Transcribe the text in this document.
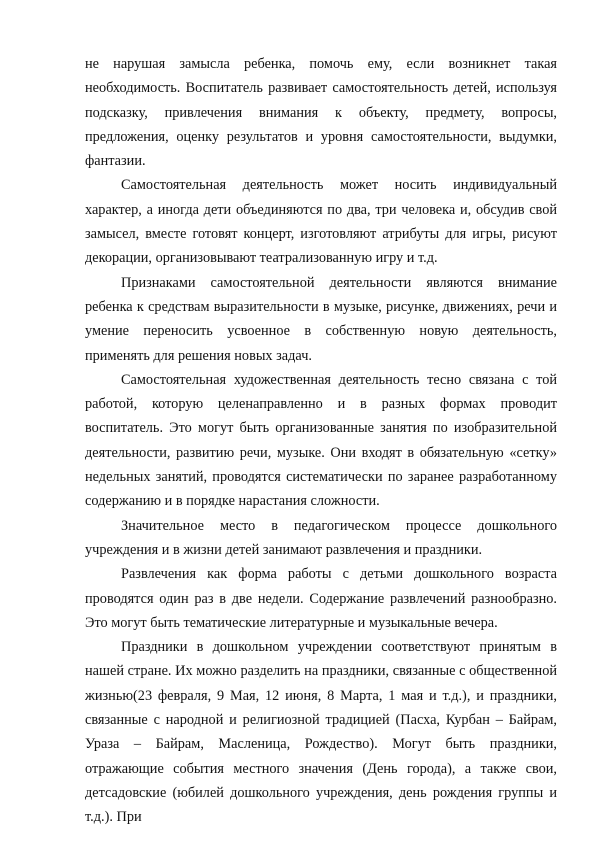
не нарушая замысла ребенка, помочь ему, если возникнет такая необходимость. Воспитатель развивает самостоятельность детей, используя подсказку, привлечения внимания к объекту, предмету, вопросы, предложения, оценку результатов и уровня самостоятельности, выдумки, фантазии.

Самостоятельная деятельность может носить индивидуальный характер, а иногда дети объединяются по два, три человека и, обсудив свой замысел, вместе готовят концерт, изготовляют атрибуты для игры, рисуют декорации, организовывают театрализованную игру и т.д.

Признаками самостоятельной деятельности являются внимание ребенка к средствам выразительности в музыке, рисунке, движениях, речи и умение переносить усвоенное в собственную новую деятельность, применять для решения новых задач.

Самостоятельная художественная деятельность тесно связана с той работой, которую целенаправленно и в разных формах проводит воспитатель. Это могут быть организованные занятия по изобразительной деятельности, развитию речи, музыке. Они входят в обязательную «сетку» недельных занятий, проводятся систематически по заранее разработанному содержанию и в порядке нарастания сложности.

Значительное место в педагогическом процессе дошкольного учреждения и в жизни детей занимают развлечения и праздники.

Развлечения как форма работы с детьми дошкольного возраста проводятся один раз в две недели. Содержание развлечений разнообразно. Это могут быть тематические литературные и музыкальные вечера.

Праздники в дошкольном учреждении соответствуют принятым в нашей стране. Их можно разделить на праздники, связанные с общественной жизнью(23 февраля, 9 Мая, 12 июня, 8 Марта, 1 мая и т.д.), и праздники, связанные с народной и религиозной традицией (Пасха, Курбан – Байрам, Ураза – Байрам, Масленица, Рождество). Могут быть праздники, отражающие события местного значения (День города), а также свои, детсадовские (юбилей дошкольного учреждения, день рождения группы и т.д.). При
